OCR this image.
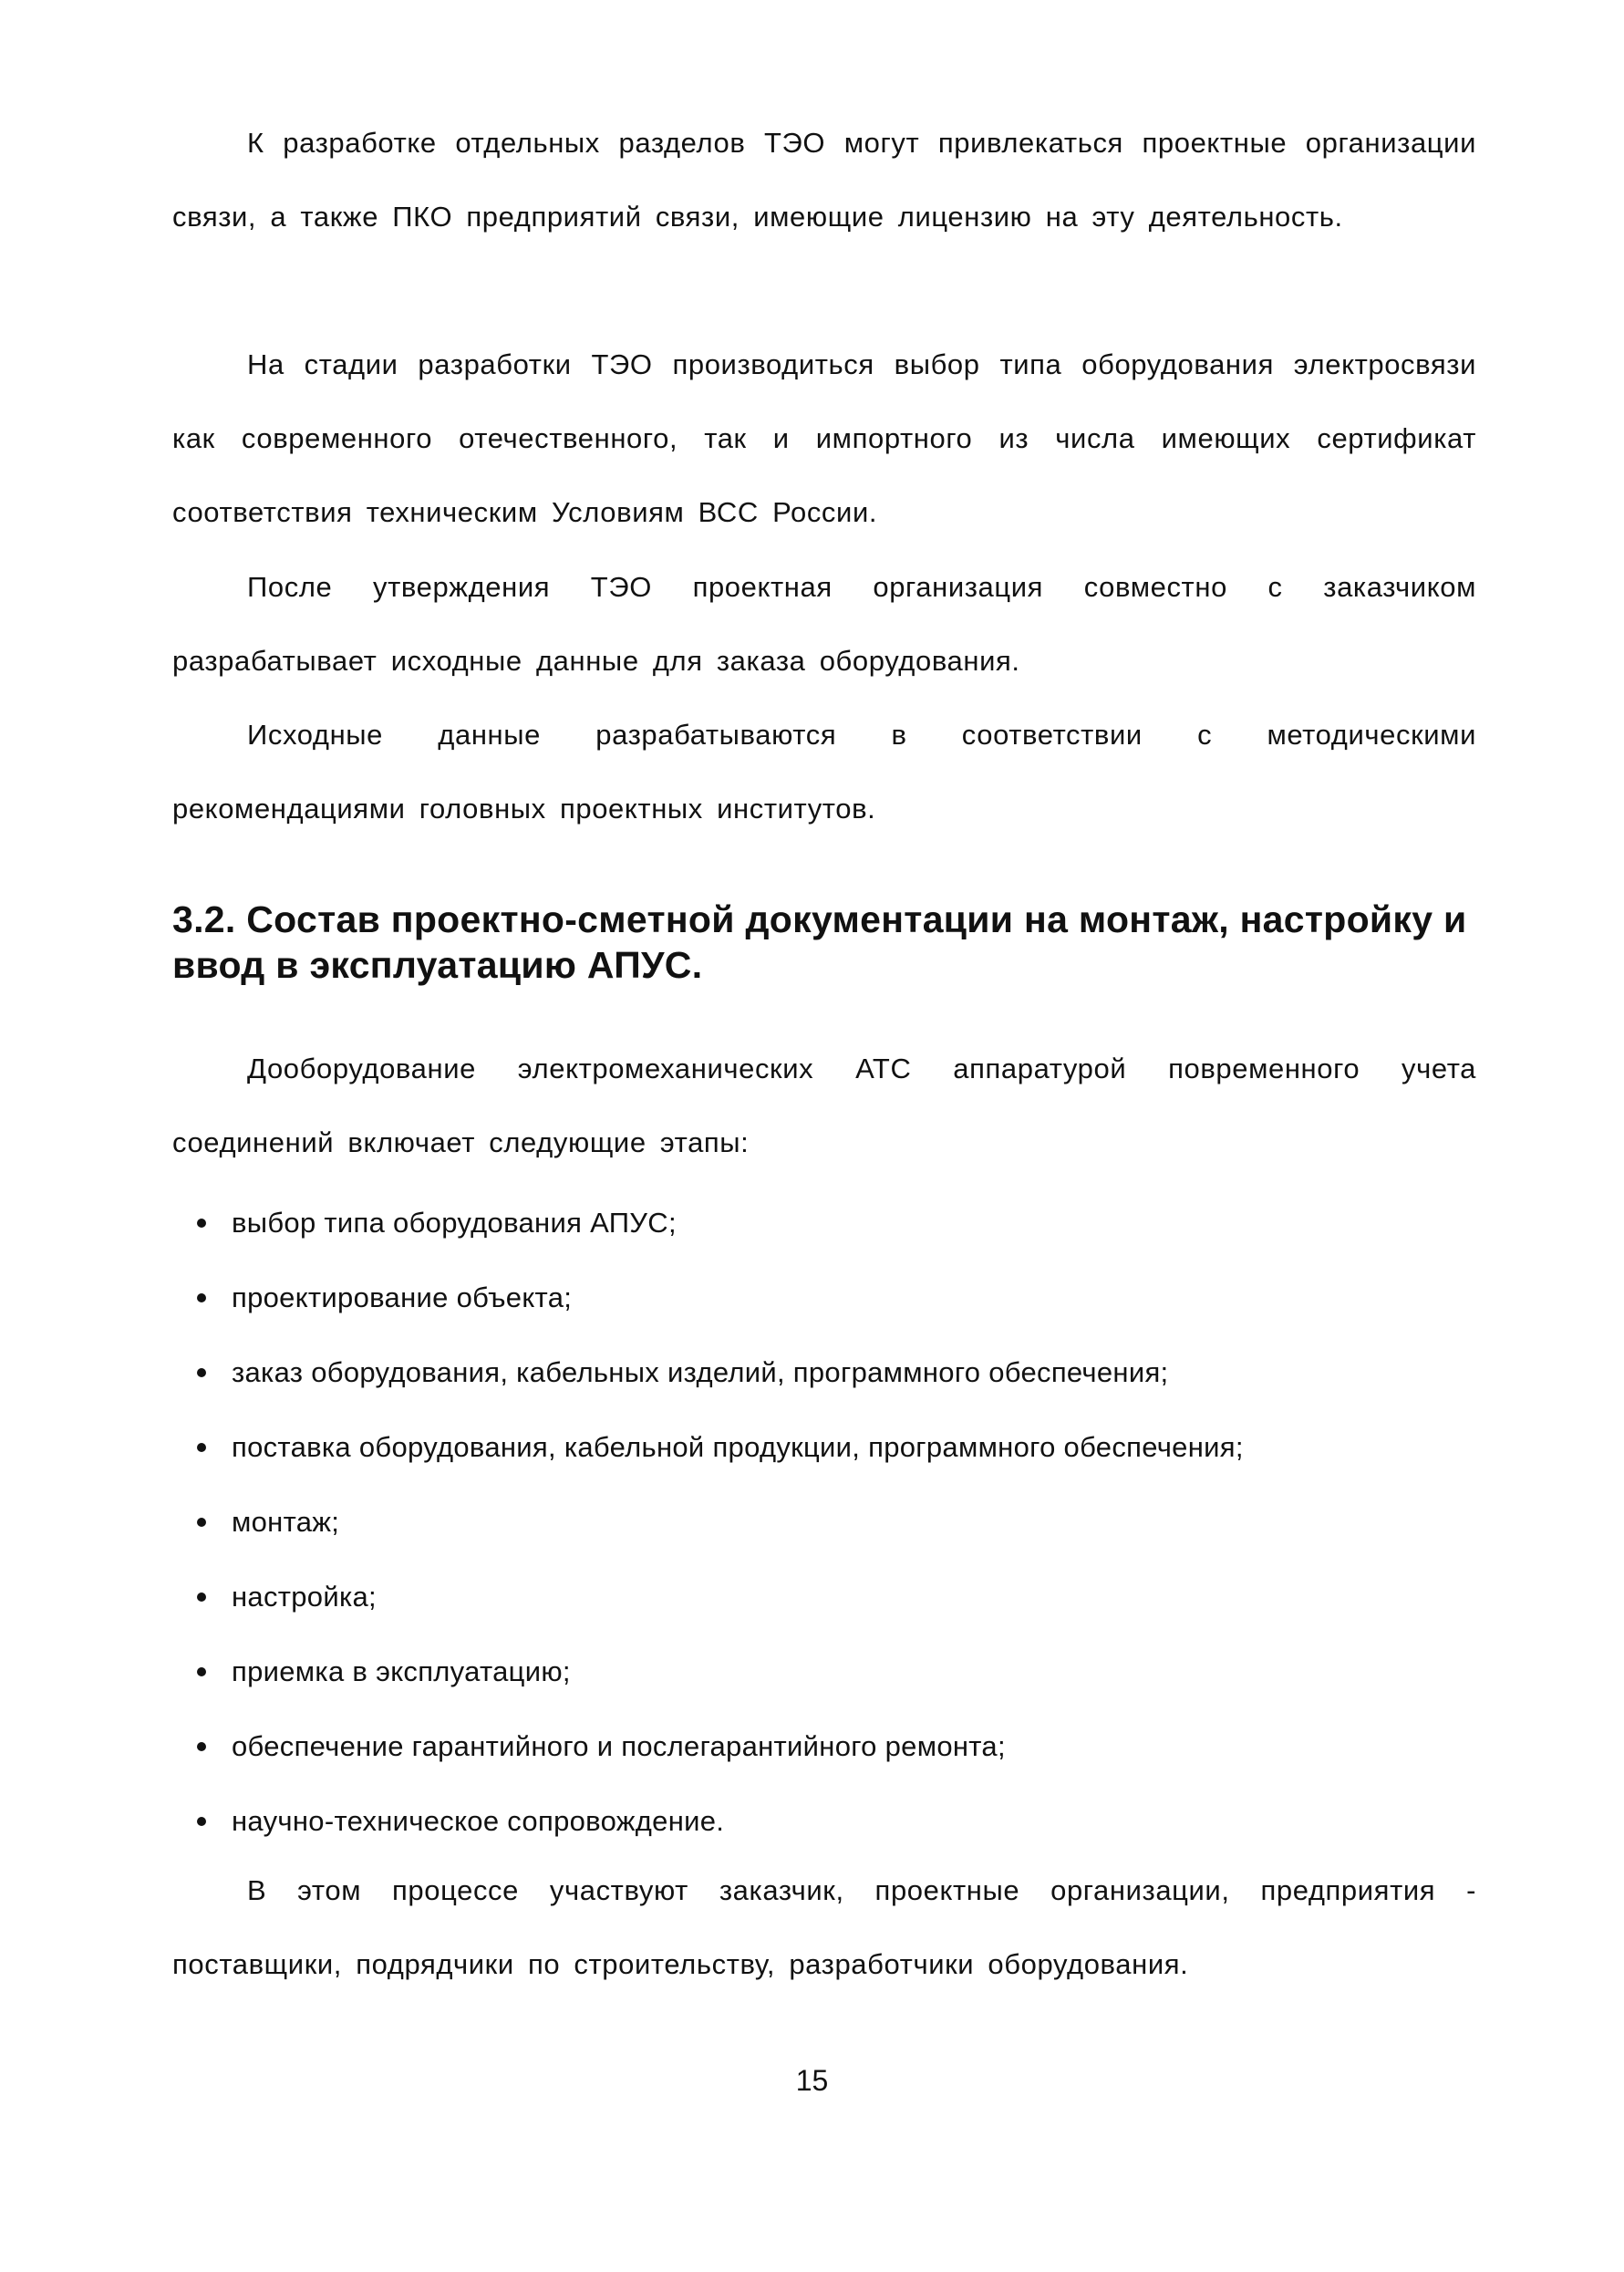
К разработке отдельных разделов ТЭО могут привлекаться проектные организации связи, а также ПКО предприятий связи, имеющие лицензию на эту деятельность.

На стадии разработки ТЭО производиться выбор типа оборудования электросвязи как современного отечественного, так и импортного из числа имеющих сертификат соответствия техническим Условиям ВСС России.

После утверждения ТЭО проектная организация совместно с заказчиком разрабатывает исходные данные для заказа оборудования.

Исходные данные разрабатываются в соответствии с методическими рекомендациями головных проектных институтов.

3.2. Состав проектно-сметной документации на монтаж, настройку и ввод в эксплуатацию АПУС.

Дооборудование электромеханических АТС аппаратурой повременного учета соединений включает следующие этапы:

выбор типа оборудования АПУС;
проектирование объекта;
заказ оборудования, кабельных изделий, программного обеспечения;
поставка оборудования, кабельной продукции, программного обеспечения;
монтаж;
настройка;
приемка в эксплуатацию;
обеспечение гарантийного и послегарантийного ремонта;
научно-техническое сопровождение.

В этом процессе участвуют заказчик, проектные организации, предприятия - поставщики, подрядчики по строительству, разработчики оборудования.

15
